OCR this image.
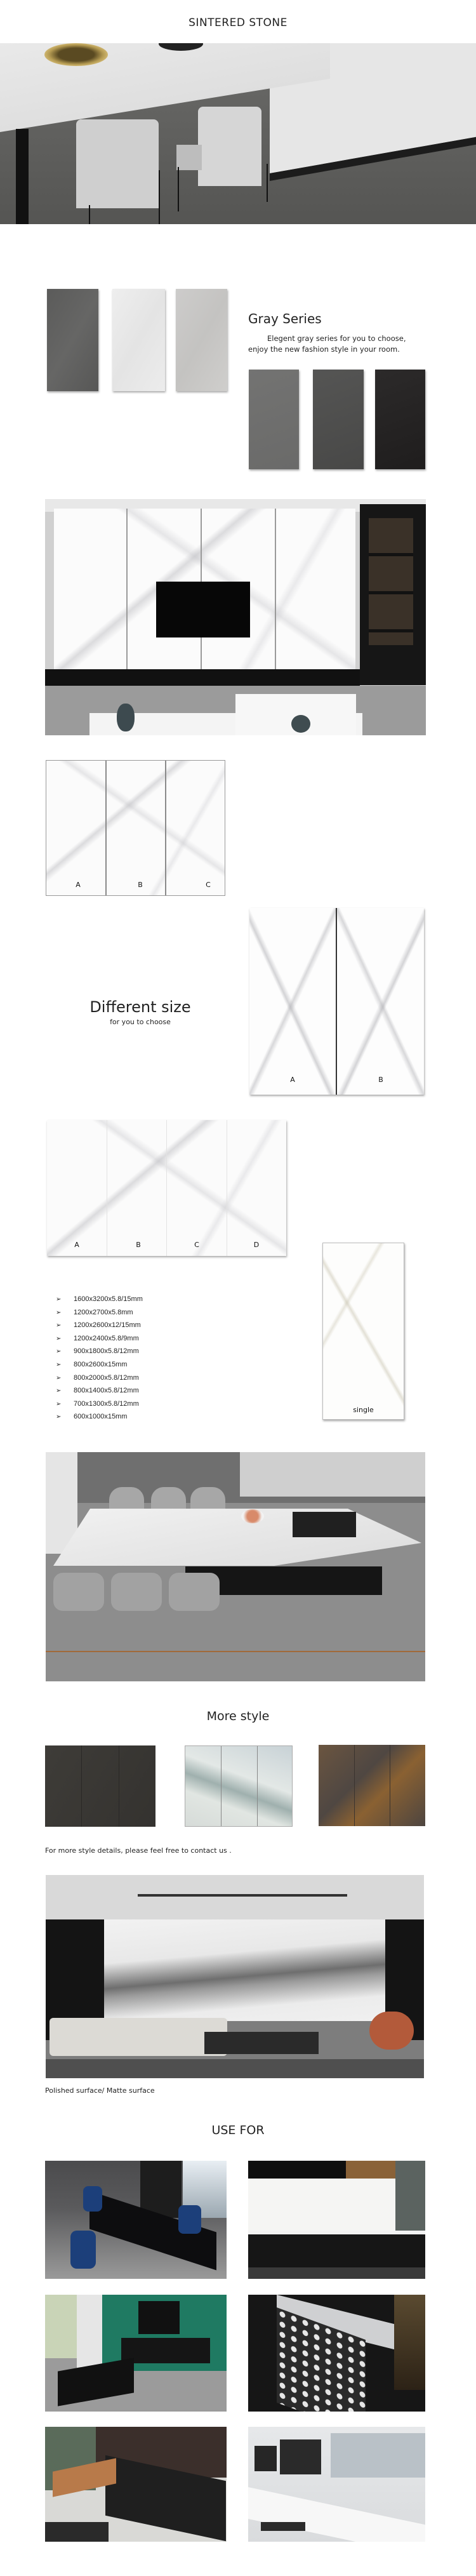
SINTERED STONE
Gray Series
Elegent gray series for you to choose,
enjoy the new fashion style in your room.
A	B	C
Different size
for you to choose
A	B
A	B	C	D
➢ 1600x3200x5.8/15mm
➢ 1200x2700x5.8mm
➢ 1200x2600x12/15mm
➢ 1200x2400x5.8/9mm
➢ 900x1800x5.8/12mm
➢ 800x2600x15mm
➢ 800x2000x5.8/12mm
➢ 800x1400x5.8/12mm
➢ 700x1300x5.8/12mm
➢ 600x1000x15mm
single
More style
For more style details, please feel free to contact us .
Polished surface/ Matte surface
USE FOR
